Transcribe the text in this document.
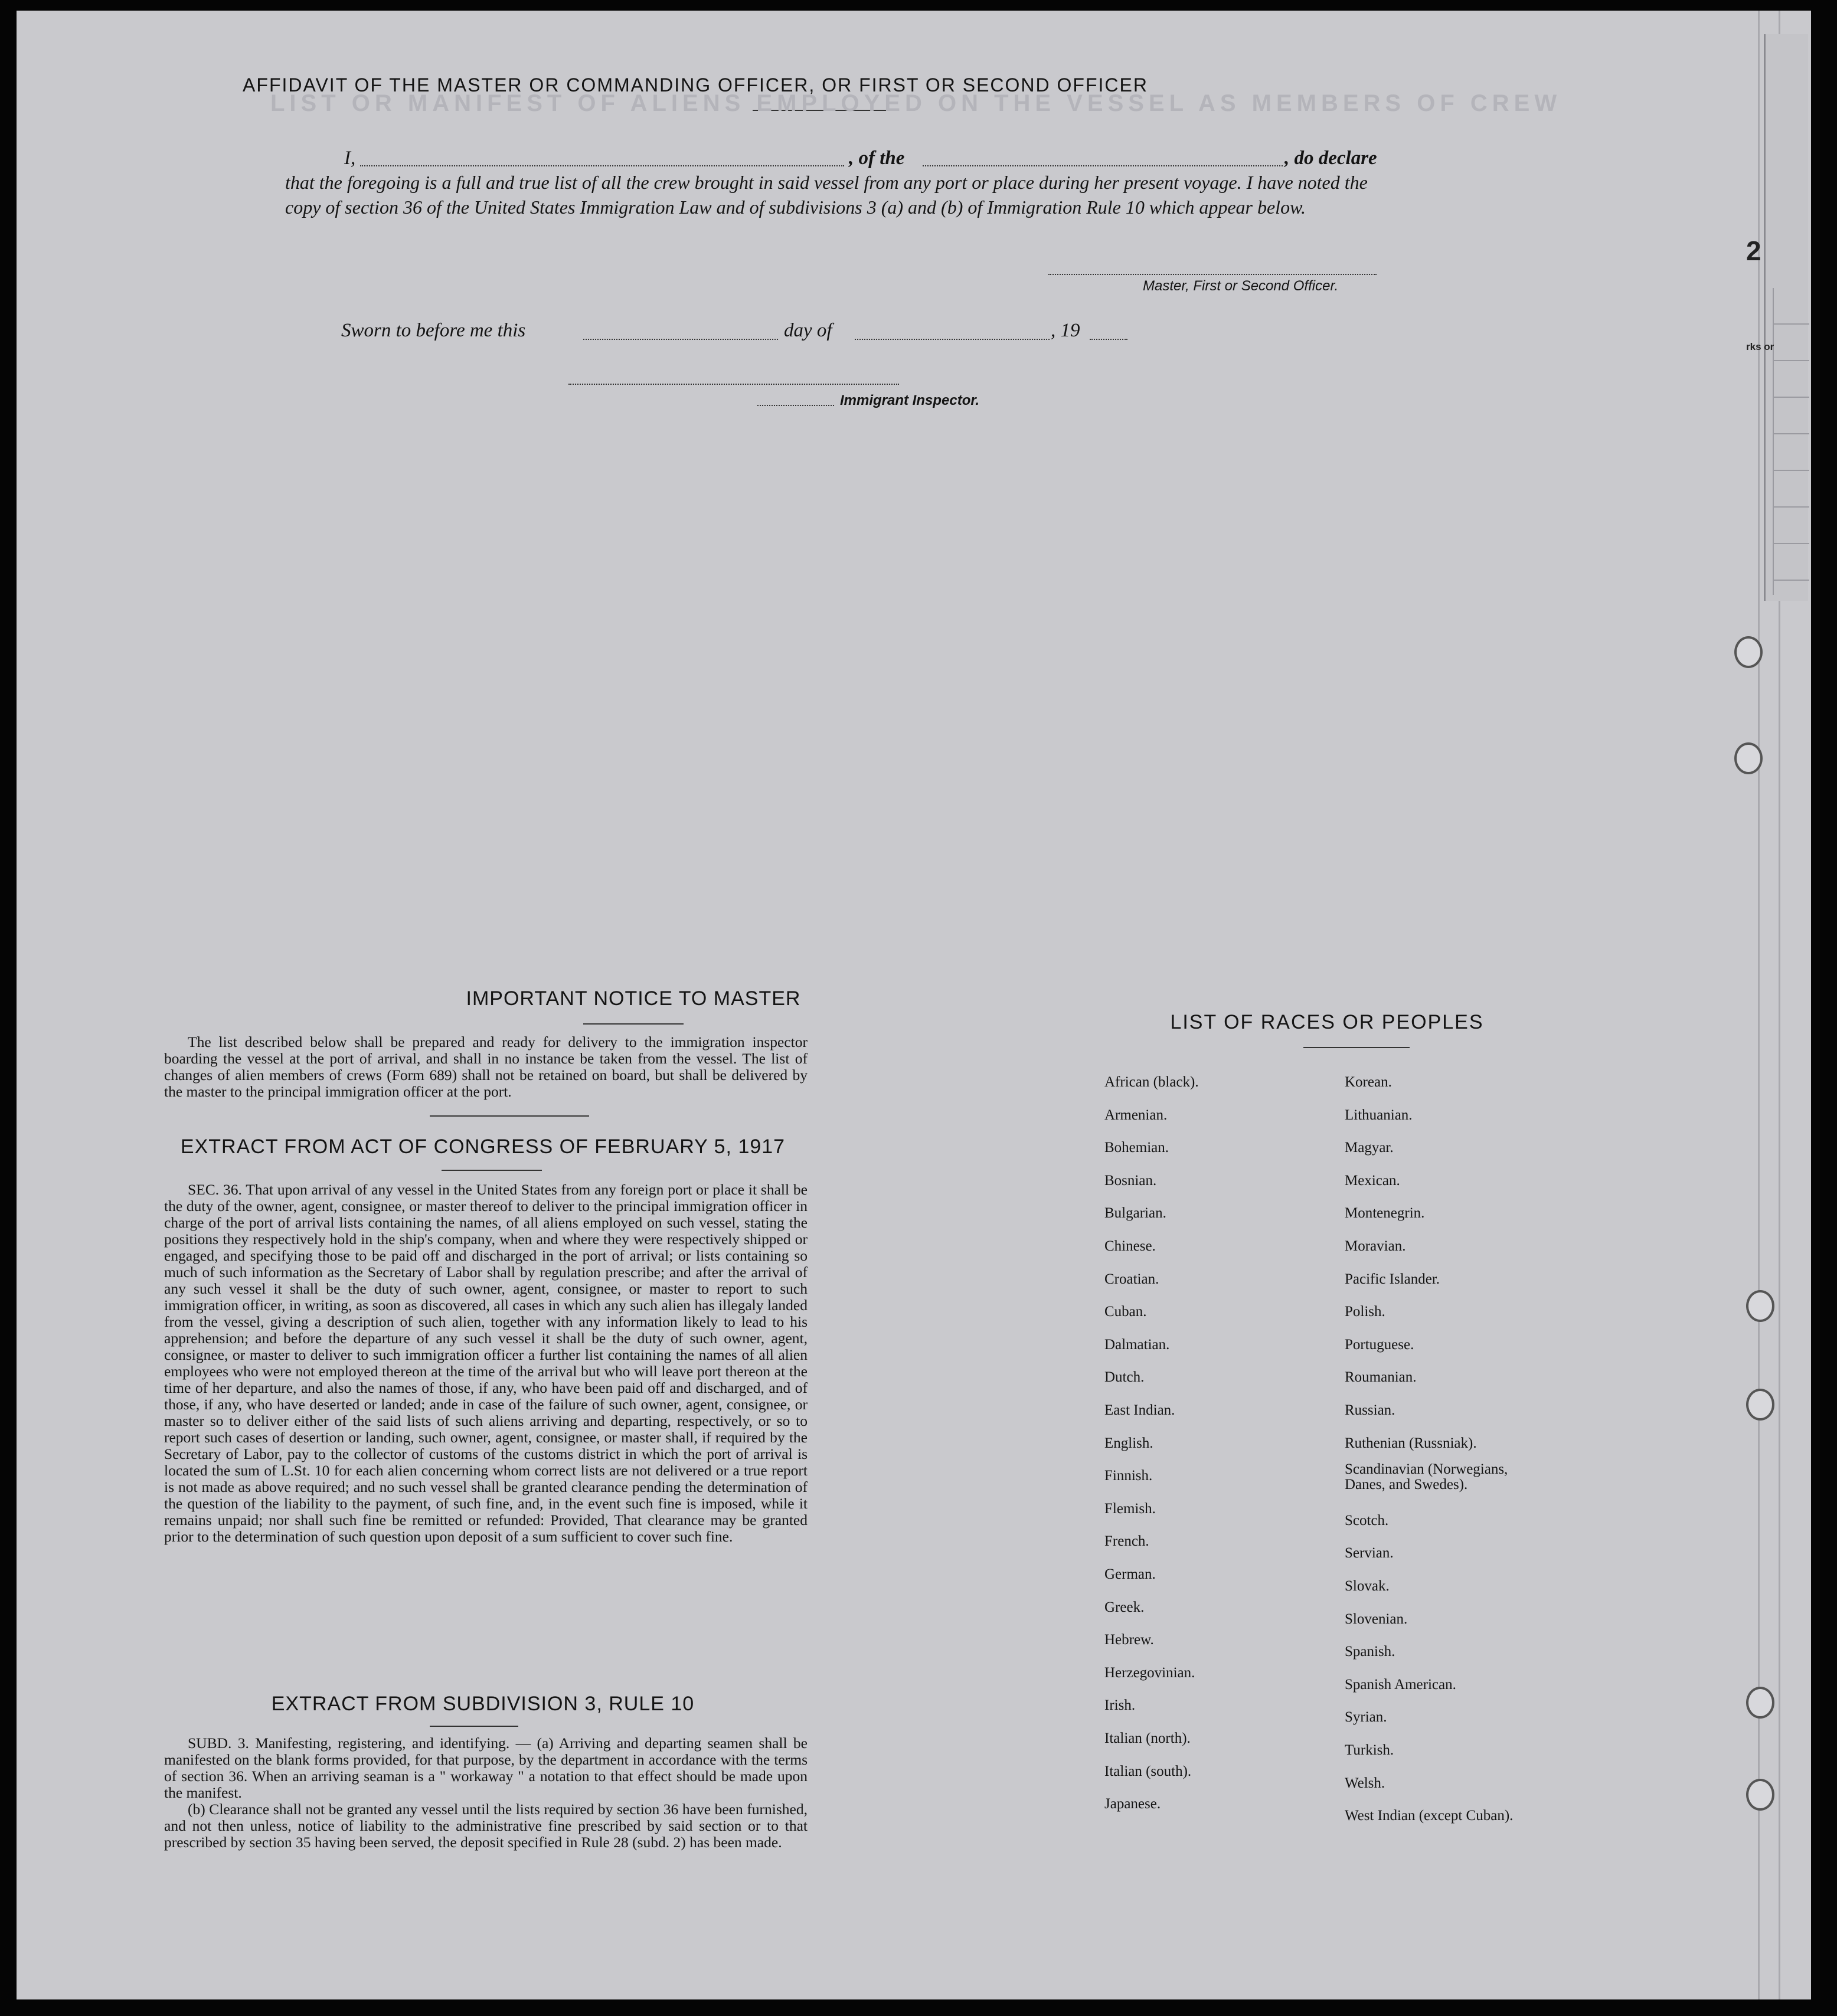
2
rks or
AFFIDAVIT OF THE MASTER OR COMMANDING OFFICER, OR FIRST OR SECOND OFFICER
I,	, of the	, do declare
that the foregoing is a full and true list of all the crew brought in said vessel from any port or place during her present voyage. I have noted the copy of section 36 of the United States Immigration Law and of subdivisions 3 (a) and (b) of Immigration Rule 10 which appear below.
Master, First or Second Officer.
Sworn to before me this	day of	, 19
Immigrant Inspector.
IMPORTANT NOTICE TO MASTER

The list described below shall be prepared and ready for delivery to the immigration inspector boarding the vessel at the port of arrival, and shall in no instance be taken from the vessel. The list of changes of alien members of crews (Form 689) shall not be retained on board, but shall be delivered by the master to the principal immigration officer at the port.

EXTRACT FROM ACT OF CONGRESS OF FEBRUARY 5, 1917

SEC. 36. That upon arrival of any vessel in the United States from any foreign port or place it shall be the duty of the owner, agent, consignee, or master thereof to deliver to the principal immigration officer in charge of the port of arrival lists containing the names, of all aliens employed on such vessel, stating the positions they respectively hold in the ship's company, when and where they were respectively shipped or engaged, and specifying those to be paid off and discharged in the port of arrival; or lists containing so much of such information as the Secretary of Labor shall by regulation prescribe; and after the arrival of any such vessel it shall be the duty of such owner, agent, consignee, or master to report to such immigration officer, in writing, as soon as discovered, all cases in which any such alien has illegaly landed from the vessel, giving a description of such alien, together with any information likely to lead to his apprehension; and before the departure of any such vessel it shall be the duty of such owner, agent, consignee, or master to deliver to such immigration officer a further list containing the names of all alien employees who were not employed thereon at the time of the arrival but who will leave port thereon at the time of her departure, and also the names of those, if any, who have been paid off and discharged, and of those, if any, who have deserted or landed; ande in case of the failure of such owner, agent, consignee, or master so to deliver either of the said lists of such aliens arriving and departing, respectively, or so to report such cases of desertion or landing, such owner, agent, consignee, or master shall, if required by the Secretary of Labor, pay to the collector of customs of the customs district in which the port of arrival is located the sum of L.St. 10 for each alien concerning whom correct lists are not delivered or a true report is not made as above required; and no such vessel shall be granted clearance pending the determination of the question of the liability to the payment, of such fine, and, in the event such fine is imposed, while it remains unpaid; nor shall such fine be remitted or refunded: Provided, That clearance may be granted prior to the determination of such question upon deposit of a sum sufficient to cover such fine.

EXTRACT FROM SUBDIVISION 3, RULE 10

SUBD. 3. Manifesting, registering, and identifying. — (a) Arriving and departing seamen shall be manifested on the blank forms provided, for that purpose, by the department in accordance with the terms of section 36. When an arriving seaman is a " workaway " a notation to that effect should be made upon the manifest.

(b) Clearance shall not be granted any vessel until the lists required by section 36 have been furnished, and not then unless, notice of liability to the administrative fine prescribed by said section or to that prescribed by section 35 having been served, the deposit specified in Rule 28 (subd. 2) has been made.

LIST OF RACES OR PEOPLES
LIST OR MANIFEST OF ALIENS EMPLOYED ON THE VESSEL AS MEMBERS OF CREW
African (black).
Armenian.
Bohemian.
Bosnian.
Bulgarian.
Chinese.
Croatian.
Cuban.
Dalmatian.
Dutch.
East Indian.
English.
Finnish.
Flemish.
French.
German.
Greek.
Hebrew.
Herzegovinian.
Irish.
Italian (north).
Italian (south).
Japanese.
Korean.
Lithuanian.
Magyar.
Mexican.
Montenegrin.
Moravian.
Pacific Islander.
Polish.
Portuguese.
Roumanian.
Russian.
Ruthenian (Russniak).
Scandinavian (Norwegians, Danes, and Swedes).
Scotch.
Servian.
Slovak.
Slovenian.
Spanish.
Spanish American.
Syrian.
Turkish.
Welsh.
West Indian (except Cuban).
